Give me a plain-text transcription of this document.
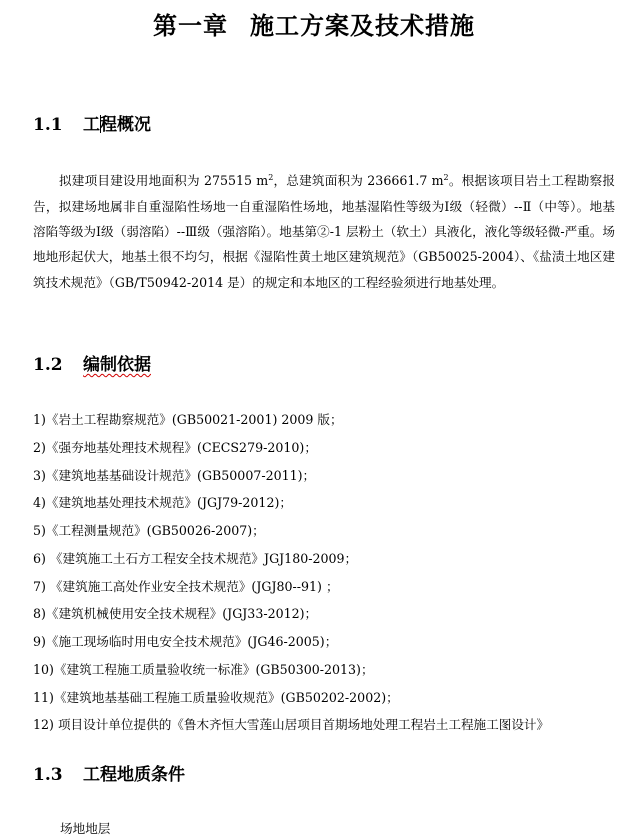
第一章 施工方案及技术措施
1.1 工程概况
拟建项目建设用地面积为 275515 $m^2$，总建筑面积为 236661.7 $m^2$。根据该项目岩土工程勘察报告，拟建场地属非自重湿陷性场地一自重湿陷性场地，地基湿陷性等级为Ⅰ级（轻微）--Ⅱ（中等）。地基溶陷等级为Ⅰ级（弱溶陷）--Ⅲ级（强溶陷）。地基第②-1 层粉土（软土）具液化，液化等级轻微-严重。场地地形起伏大，地基土很不均匀，根据《湿陷性黄土地区建筑规范》（GB50025-2004）、《盐渍土地区建筑技术规范》（GB/T50942-2014 是）的规定和本地区的工程经验须进行地基处理。
1.2 编制依据
1)《岩土工程勘察规范》(GB50021-2001) 2009 版；
2)《强夯地基处理技术规程》(CECS279-2010)；
3)《建筑地基基础设计规范》(GB50007-2011)；
4)《建筑地基处理技术规范》(JGJ79-2012)；
5)《工程测量规范》(GB50026-2007)；
6) 《建筑施工土石方工程安全技术规范》JGJ180-2009；
7) 《建筑施工高处作业安全技术规范》(JGJ80--91) ；
8)《建筑机械使用安全技术规程》(JGJ33-2012)；
9)《施工现场临时用电安全技术规范》(JG46-2005)；
10)《建筑工程施工质量验收统一标准》(GB50300-2013)；
11)《建筑地基基础工程施工质量验收规范》(GB50202-2002)；
12) 项目设计单位提供的《鲁木齐恒大雪莲山居项目首期场地处理工程岩土工程施工图设计》
1.3 工程地质条件
场地地层
